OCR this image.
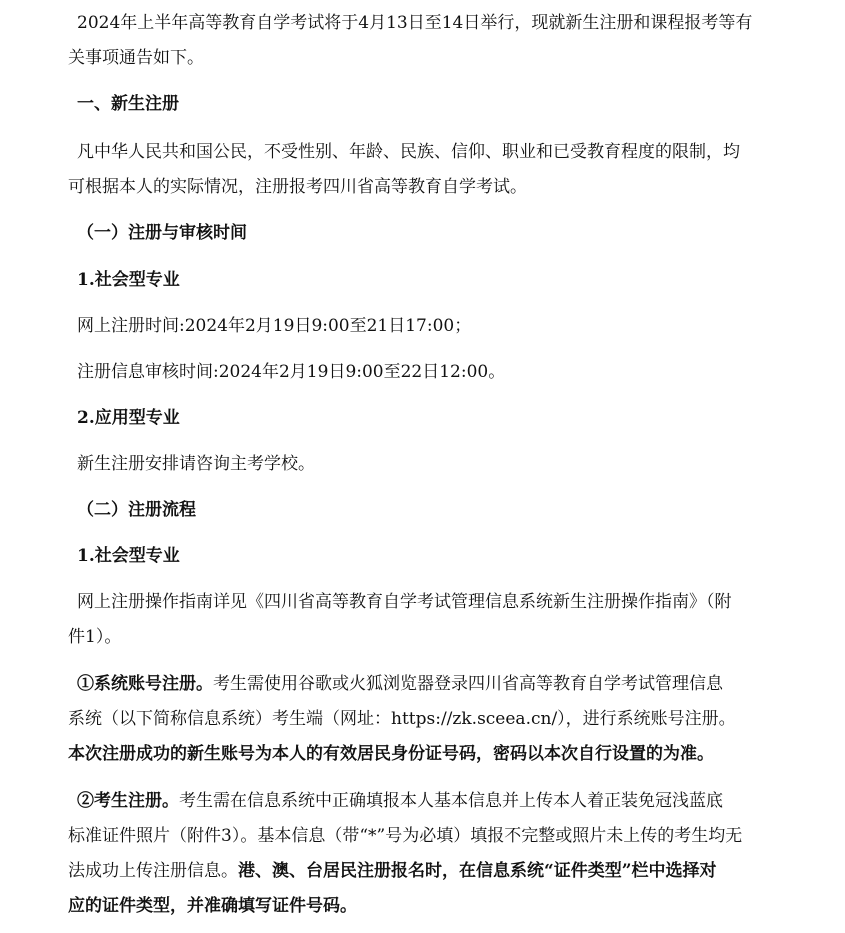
2024年上半年高等教育自学考试将于4月13日至14日举行，现就新生注册和课程报考等有
关事项通告如下。
一、新生注册
凡中华人民共和国公民，不受性别、年龄、民族、信仰、职业和已受教育程度的限制，均
可根据本人的实际情况，注册报考四川省高等教育自学考试。
（一）注册与审核时间
1.社会型专业
网上注册时间:2024年2月19日9:00至21日17:00；
注册信息审核时间:2024年2月19日9:00至22日12:00。
2.应用型专业
新生注册安排请咨询主考学校。
（二）注册流程
1.社会型专业
网上注册操作指南详见《四川省高等教育自学考试管理信息系统新生注册操作指南》（附
件1）。
①系统账号注册。考生需使用谷歌或火狐浏览器登录四川省高等教育自学考试管理信息
系统（以下简称信息系统）考生端（网址：https://zk.sceea.cn/），进行系统账号注册。
本次注册成功的新生账号为本人的有效居民身份证号码，密码以本次自行设置的为准。
②考生注册。考生需在信息系统中正确填报本人基本信息并上传本人着正装免冠浅蓝底
标准证件照片（附件3）。基本信息（带“*”号为必填）填报不完整或照片未上传的考生均无
法成功上传注册信息。港、澳、台居民注册报名时，在信息系统“证件类型”栏中选择对
应的证件类型，并准确填写证件号码。
